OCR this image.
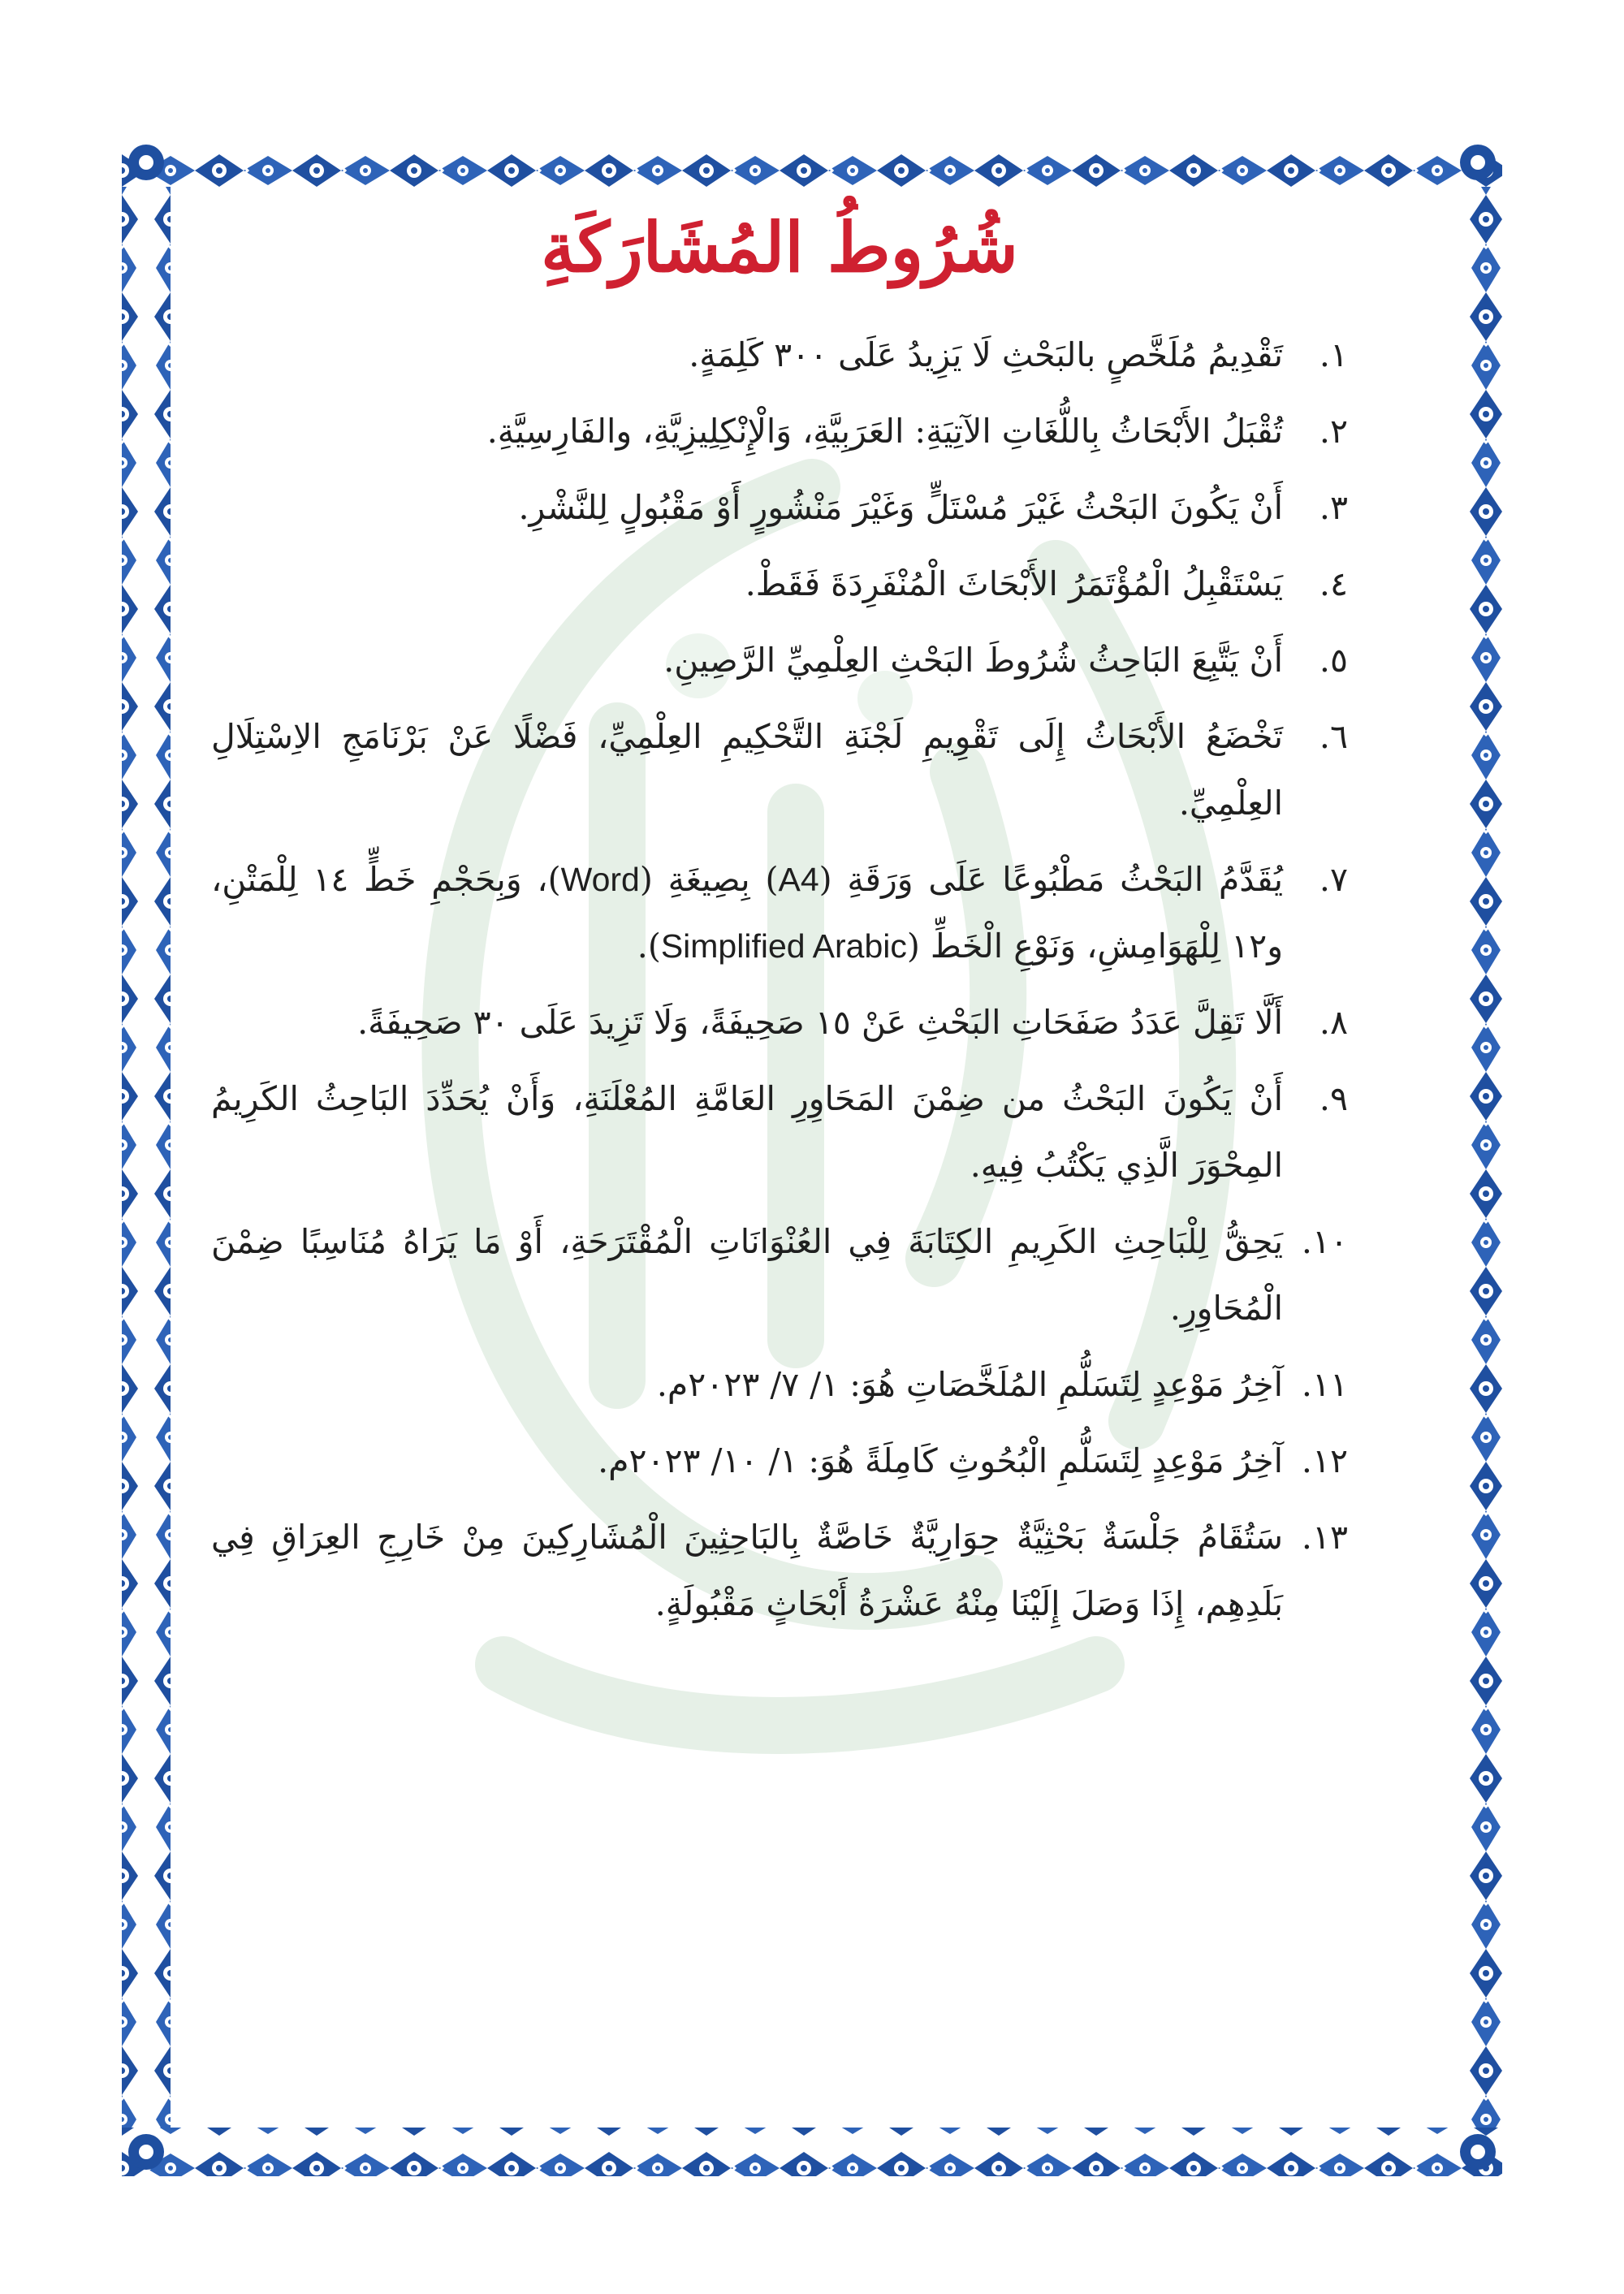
شُرُوطُ المُشَارَكَةِ
١.
تَقْدِيمُ مُلَخَّصٍ بالبَحْثِ لَا يَزِيدُ عَلَى ٣٠٠ كَلِمَةٍ.
٢.
تُقْبَلُ الأَبْحَاثُ بِاللُّغَاتِ الآتِيَةِ: العَرَبِيَّةِ، وَالْإِنْكِلِيزِيَّةِ، والفَارِسِيَّةِ.
٣.
أَنْ يَكُونَ البَحْثُ غَيْرَ مُسْتَلٍّ وَغَيْرَ مَنْشُورٍ أَوْ مَقْبُولٍ لِلنَّشْرِ.
٤.
يَسْتَقْبِلُ الْمُؤْتَمَرُ الأَبْحَاثَ الْمُنْفَرِدَةَ فَقَطْ.
٥.
أَنْ يَتَّبِعَ البَاحِثُ شُرُوطَ البَحْثِ العِلْمِيِّ الرَّصِينِ.
٦.
تَخْضَعُ الأَبْحَاثُ إِلَى تَقْوِيمِ لَجْنَةِ التَّحْكِيمِ العِلْمِيِّ، فَضْلًا عَنْ بَرْنَامَجِ الاِسْتِلَالِ العِلْمِيِّ.
٧.
يُقَدَّمُ البَحْثُ مَطْبُوعًا عَلَى وَرَقَةِ (A4) بِصِيغَةِ (Word)، وَبِحَجْمِ خَطٍّ ١٤ لِلْمَتْنِ، و١٢ لِلْهَوَامِشِ، وَنَوْعِ الْخَطِّ (Simplified Arabic).
٨.
أَلَّا تَقِلَّ عَدَدُ صَفَحَاتِ البَحْثِ عَنْ ١٥ صَحِيفَةً، وَلَا تَزِيدَ عَلَى ٣٠ صَحِيفَةً.
٩.
أَنْ يَكُونَ البَحْثُ من ضِمْنَ المَحَاوِرِ العَامَّةِ المُعْلَنَةِ، وَأَنْ يُحَدِّدَ البَاحِثُ الكَرِيمُ المِحْوَرَ الَّذِي يَكْتُبُ فِيهِ.
١٠.
يَحِقُّ لِلْبَاحِثِ الكَرِيمِ الكِتَابَةَ فِي العُنْوَانَاتِ الْمُقْتَرَحَةِ، أَوْ مَا يَرَاهُ مُنَاسِبًا ضِمْنَ الْمُحَاوِرِ.
١١.
آخِرُ مَوْعِدٍ لِتَسَلُّمِ المُلَخَّصَاتِ هُوَ: ١/ ٧/ ٢٠٢٣م.
١٢.
آخِرُ مَوْعِدٍ لِتَسَلُّمِ الْبُحُوثِ كَامِلَةً هُوَ: ١/ ١٠/ ٢٠٢٣م.
١٣.
سَتُقَامُ جَلْسَةٌ بَحْثِيَّةٌ حِوَارِيَّةٌ خَاصَّةٌ بِالبَاحِثِينَ الْمُشَارِكِينَ مِنْ خَارِجِ العِرَاقِ فِي بَلَدِهِم، إِذَا وَصَلَ إِلَيْنَا مِنْهُ عَشْرَةُ أَبْحَاثٍ مَقْبُولَةٍ.
